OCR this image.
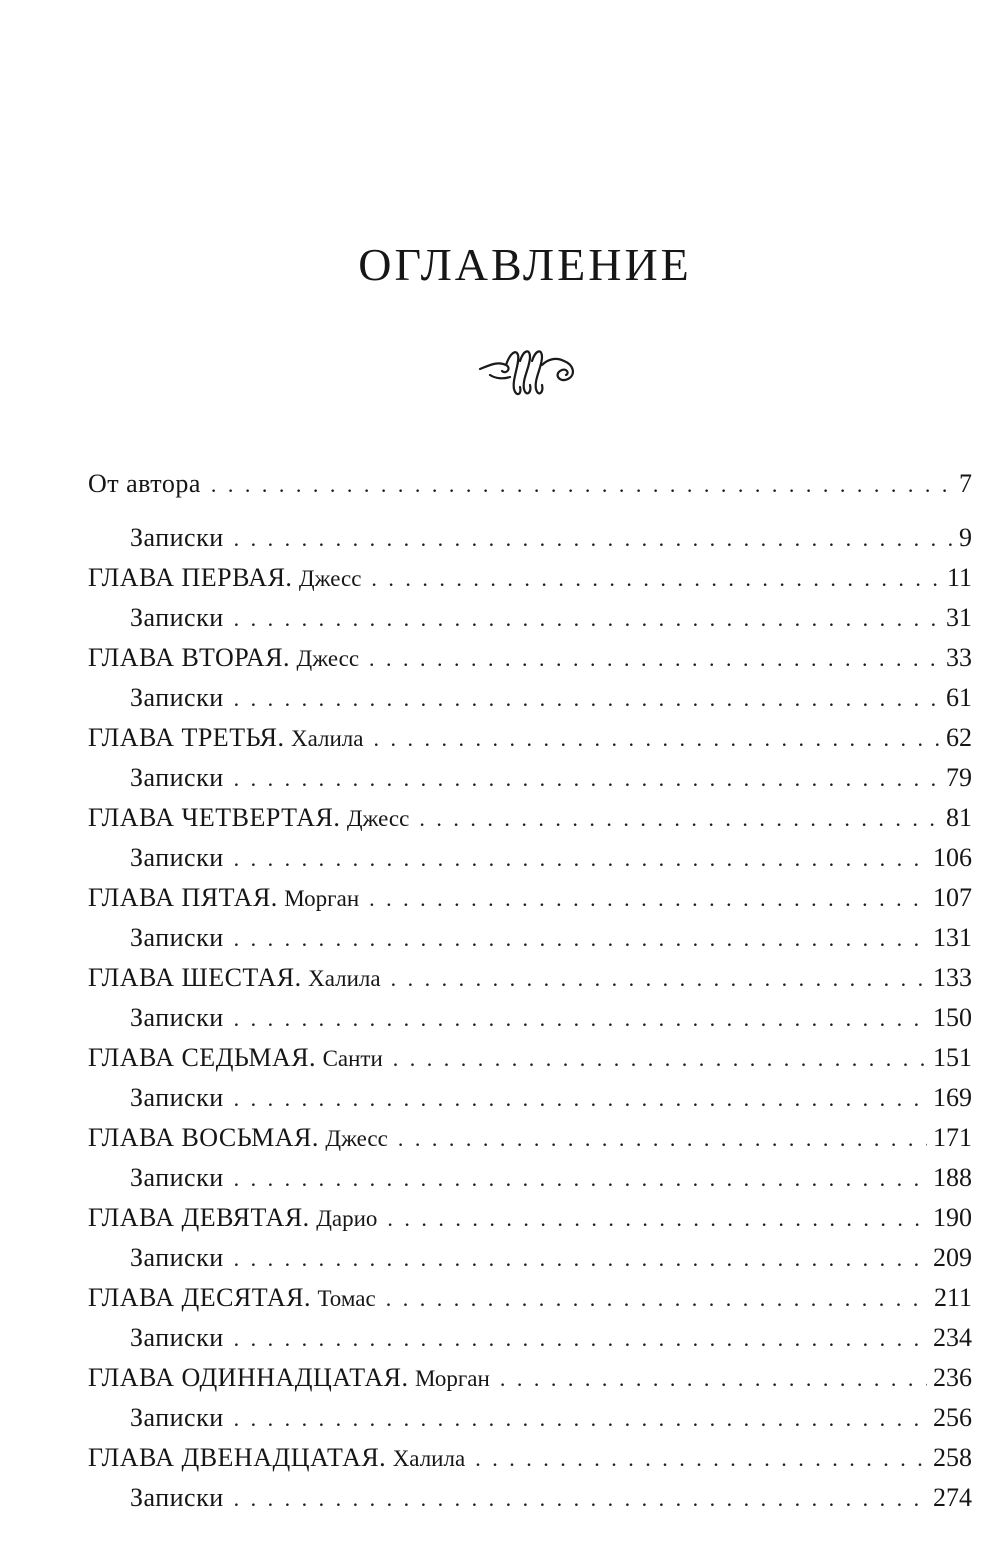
ОГЛАВЛЕНИЕ
От автора . . .	7
Записки . . .	9
ГЛАВА ПЕРВАЯ. Джесс . . .	11
Записки . . .	31
ГЛАВА ВТОРАЯ. Джесс . . .	33
Записки . . .	61
ГЛАВА ТРЕТЬЯ. Халила . . .	62
Записки . . .	79
ГЛАВА ЧЕТВЕРТАЯ. Джесс . . .	81
Записки . . .	106
ГЛАВА ПЯТАЯ. Морган . . .	107
Записки . . .	131
ГЛАВА ШЕСТАЯ. Халила . . .	133
Записки . . .	150
ГЛАВА СЕДЬМАЯ. Санти . . .	151
Записки . . .	169
ГЛАВА ВОСЬМАЯ. Джесс . . .	171
Записки . . .	188
ГЛАВА ДЕВЯТАЯ. Дарио . . .	190
Записки . . .	209
ГЛАВА ДЕСЯТАЯ. Томас . . .	211
Записки . . .	234
ГЛАВА ОДИННАДЦАТАЯ. Морган . . .	236
Записки . . .	256
ГЛАВА ДВЕНАДЦАТАЯ. Халила . . .	258
Записки . . .	274
